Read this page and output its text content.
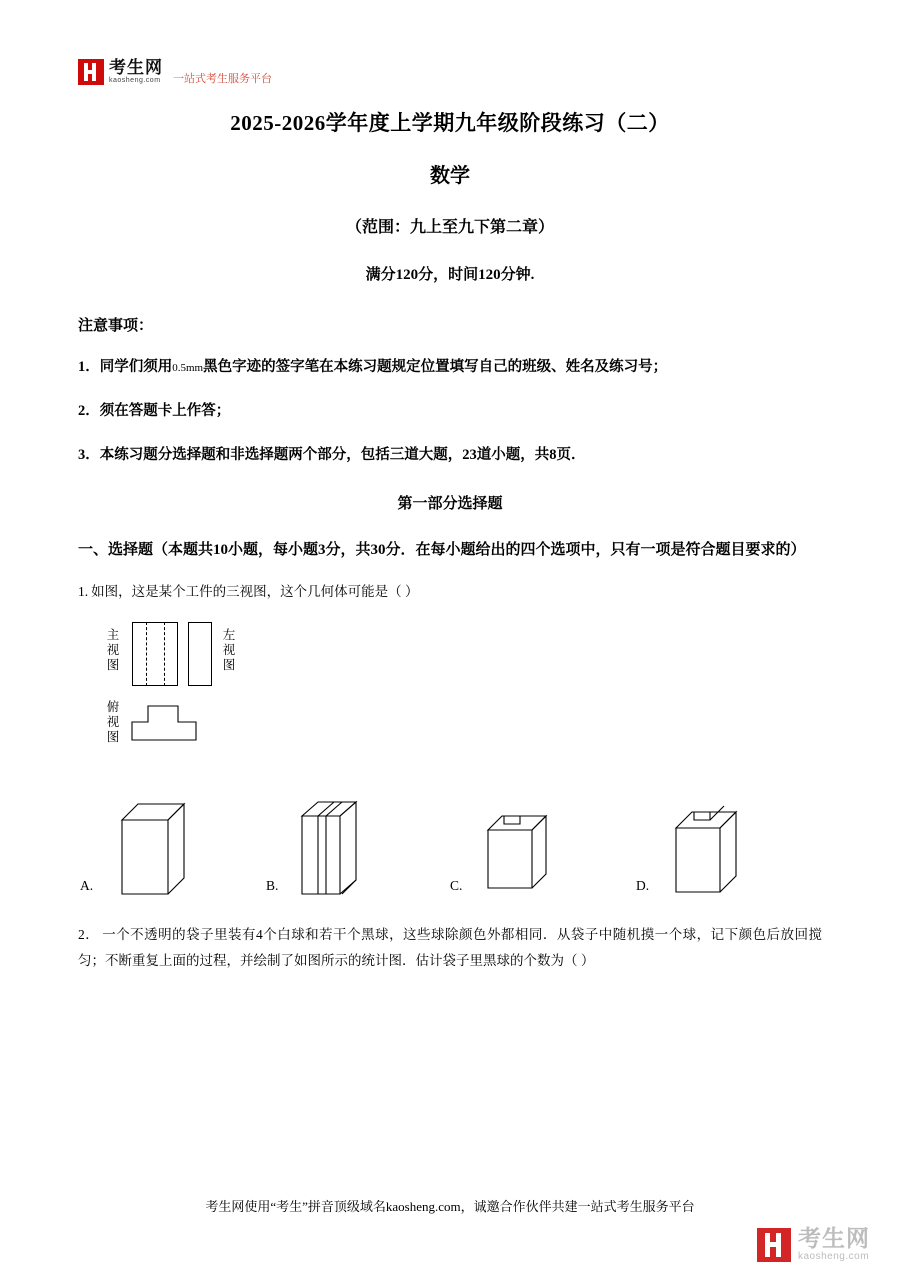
考生网
kaosheng.com 一站式考生服务平台
2025-2026学年度上学期九年级阶段练习（二）
数学
（范围：九上至九下第二章）
满分120分，时间120分钟.
注意事项：
1．同学们须用0.5mm黑色字迹的签字笔在本练习题规定位置填写自己的班级、姓名及练习号；
2．须在答题卡上作答；
3．本练习题分选择题和非选择题两个部分，包括三道大题，23道小题，共8页．
第一部分选择题
一、选择题（本题共10小题，每小题3分，共30分．在每小题给出的四个选项中，只有一项是符合题目要求的）
1. 如图，这是某个工件的三视图，这个几何体可能是（ ）
主视图
左视图
俯视图
A.	B.	C.	D.
2． 一个不透明的袋子里装有4个白球和若干个黑球，这些球除颜色外都相同．从袋子中随机摸一个球，记下颜色后放回搅匀；不断重复上面的过程，并绘制了如图所示的统计图．估计袋子里黑球的个数为（ ）
考生网使用“考生”拼音顶级域名kaosheng.com，诚邀合作伙伴共建一站式考生服务平台
考生网
kaosheng.com
